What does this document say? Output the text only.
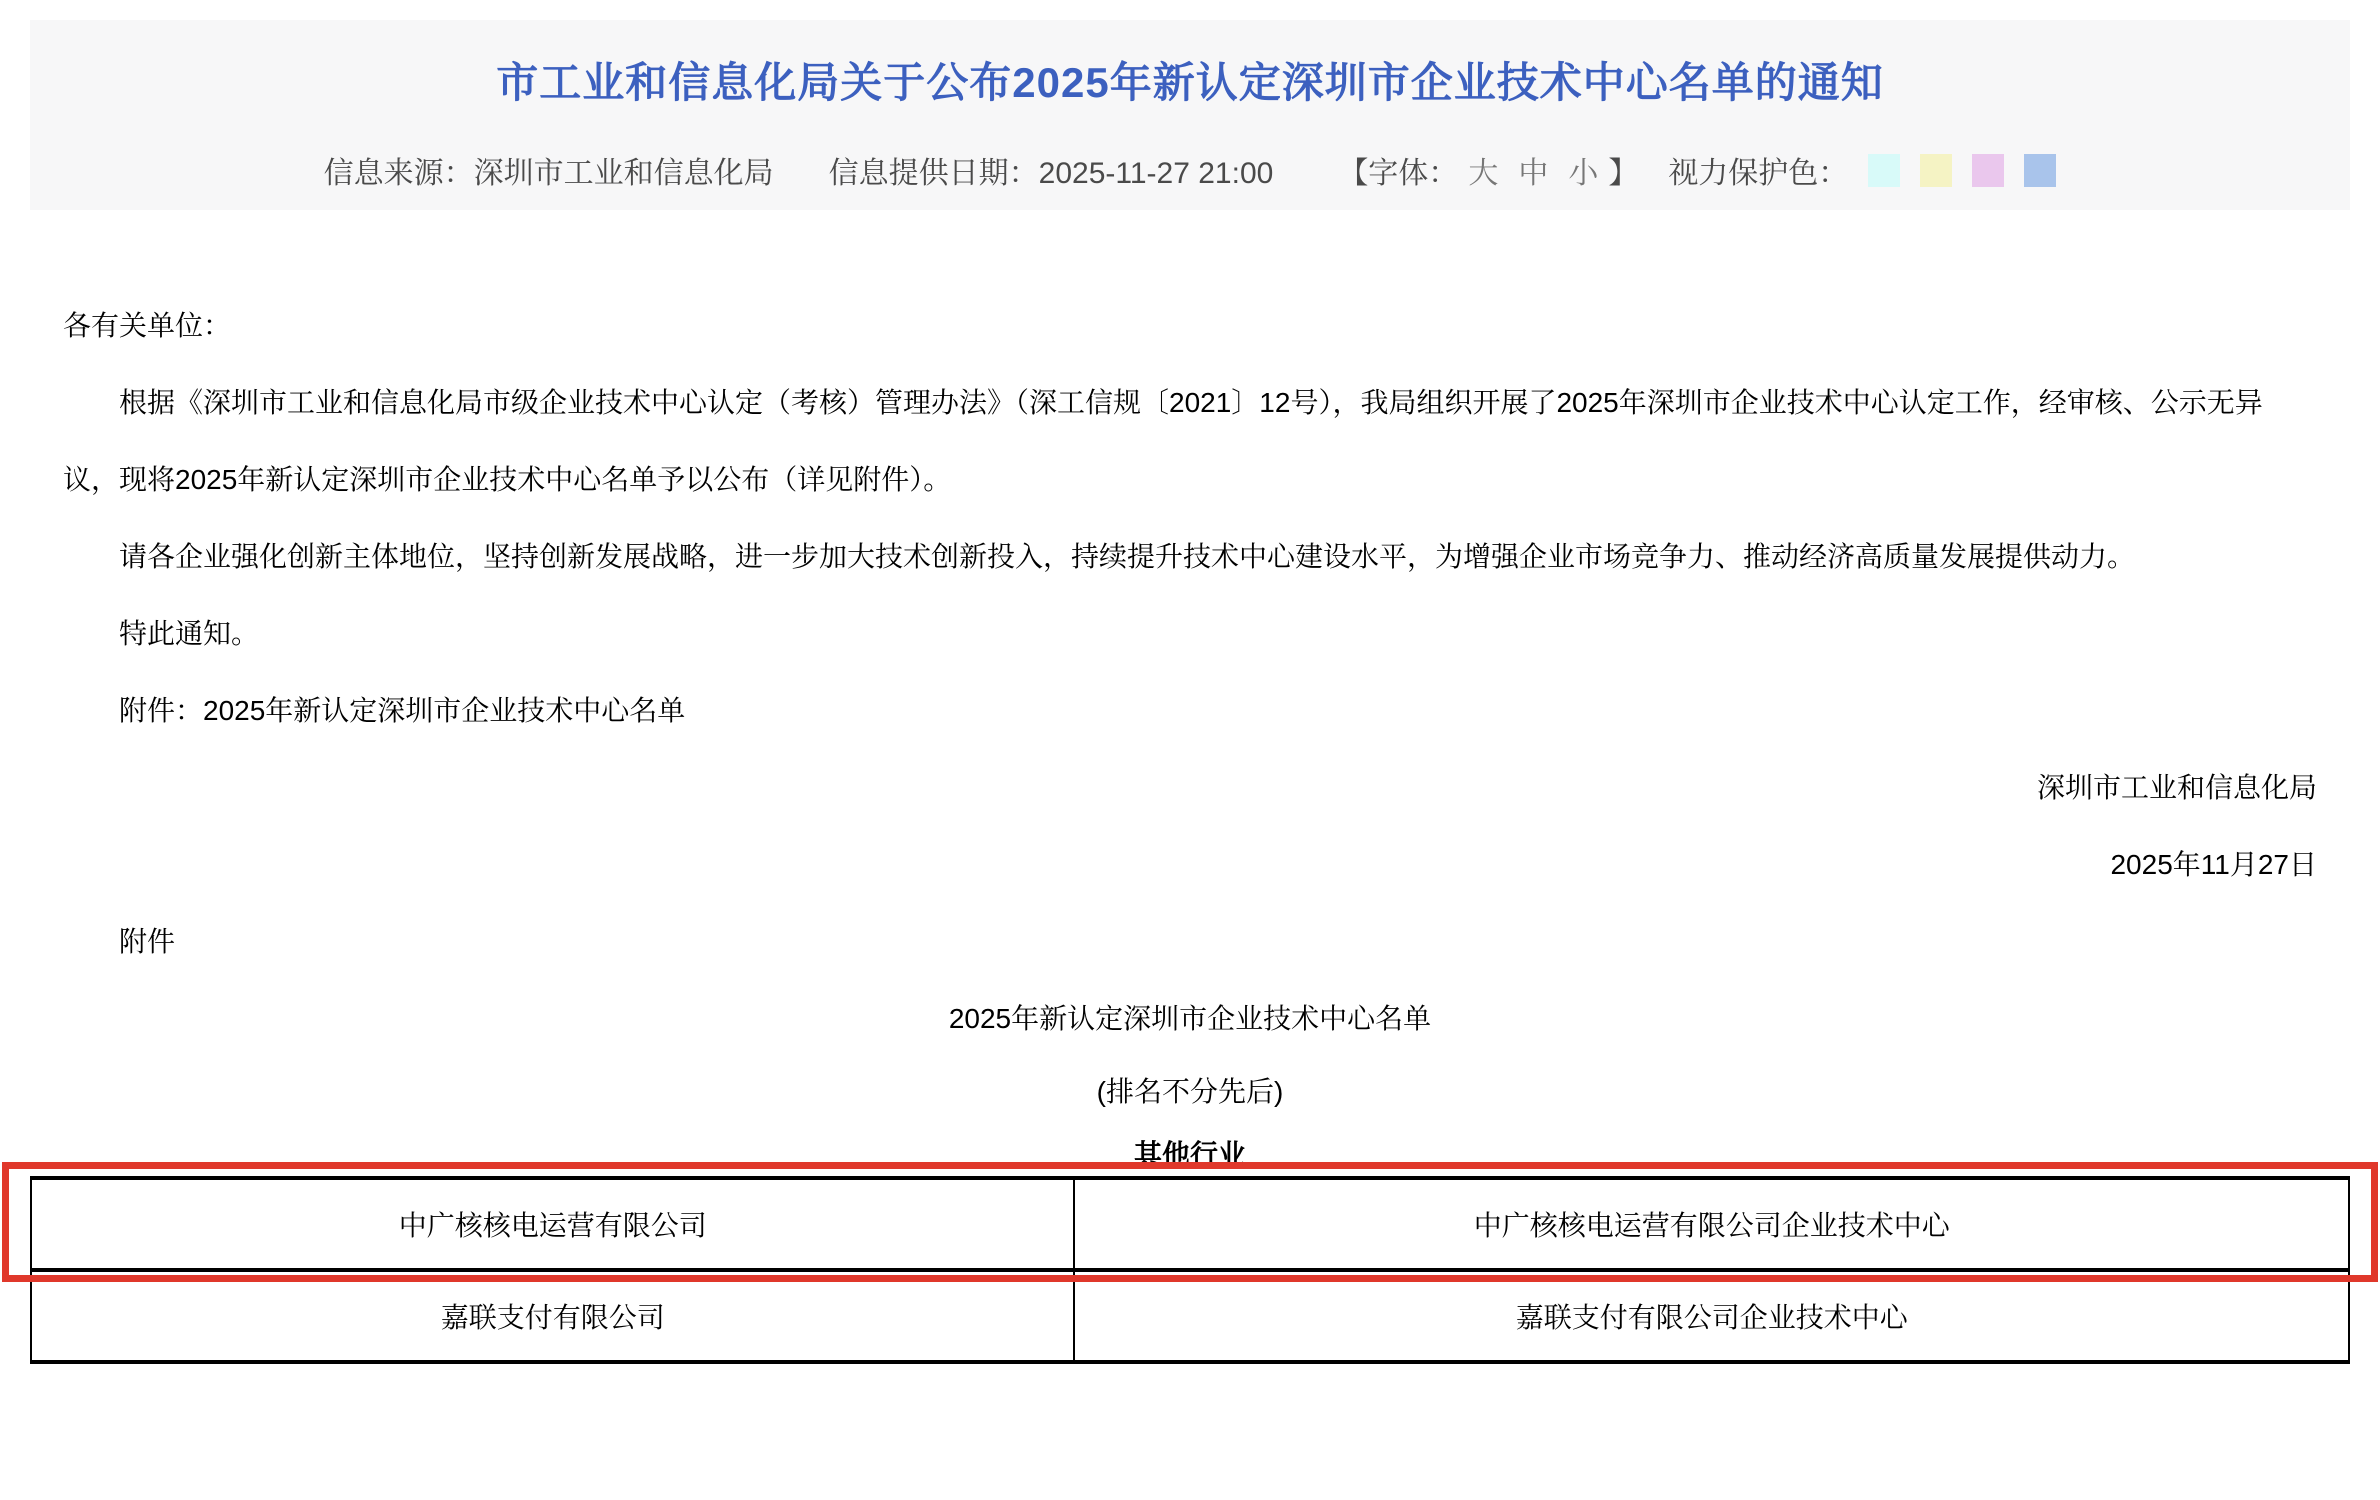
市工业和信息化局关于公布2025年新认定深圳市企业技术中心名单的通知
信息来源：深圳市工业和信息化局 信息提供日期：2025-11-27 21:00 【字体： 大 中 小 】 视力保护色：

各有关单位：

根据《深圳市工业和信息化局市级企业技术中心认定（考核）管理办法》（深工信规〔2021〕12号），我局组织开展了2025年深圳市企业技术中心认定工作，经审核、公示无异议，现将2025年新认定深圳市企业技术中心名单予以公布（详见附件）。

请各企业强化创新主体地位，坚持创新发展战略，进一步加大技术创新投入，持续提升技术中心建设水平，为增强企业市场竞争力、推动经济高质量发展提供动力。

特此通知。

附件：2025年新认定深圳市企业技术中心名单

深圳市工业和信息化局

2025年11月27日

附件

2025年新认定深圳市企业技术中心名单

(排名不分先后)

其他行业

中广核核电运营有限公司	中广核核电运营有限公司企业技术中心
嘉联支付有限公司	嘉联支付有限公司企业技术中心
